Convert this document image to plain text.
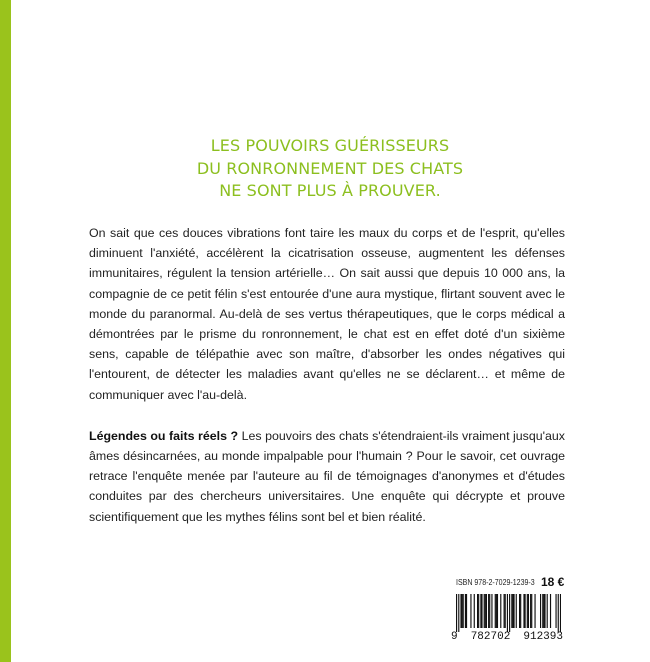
LES POUVOIRS GUÉRISSEURS
DU RONRONNEMENT DES CHATS
NE SONT PLUS À PROUVER.

On sait que ces douces vibrations font taire les maux du corps et de l'esprit, qu'elles diminuent l'anxiété, accélèrent la cicatrisation osseuse, augmentent les défenses immunitaires, régulent la tension artérielle… On sait aussi que depuis 10 000 ans, la compagnie de ce petit félin s'est entourée d'une aura mystique, flirtant souvent avec le monde du paranormal. Au-delà de ses vertus thérapeutiques, que le corps médical a démontrées par le prisme du ronronnement, le chat est en effet doté d'un sixième sens, capable de télépathie avec son maître, d'absorber les ondes négatives qui l'entourent, de détecter les maladies avant qu'elles ne se déclarent… et même de communiquer avec l'au-delà.

Légendes ou faits réels ? Les pouvoirs des chats s'étendraient-ils vraiment jusqu'aux âmes désincarnées, au monde impalpable pour l'humain ? Pour le savoir, cet ouvrage retrace l'enquête menée par l'auteure au fil de témoignages d'anonymes et d'études conduites par des chercheurs universitaires. Une enquête qui décrypte et prouve scientifiquement que les mythes félins sont bel et bien réalité.

ISBN 978-2-7029-1239-3 18 €
9 782702 912393
